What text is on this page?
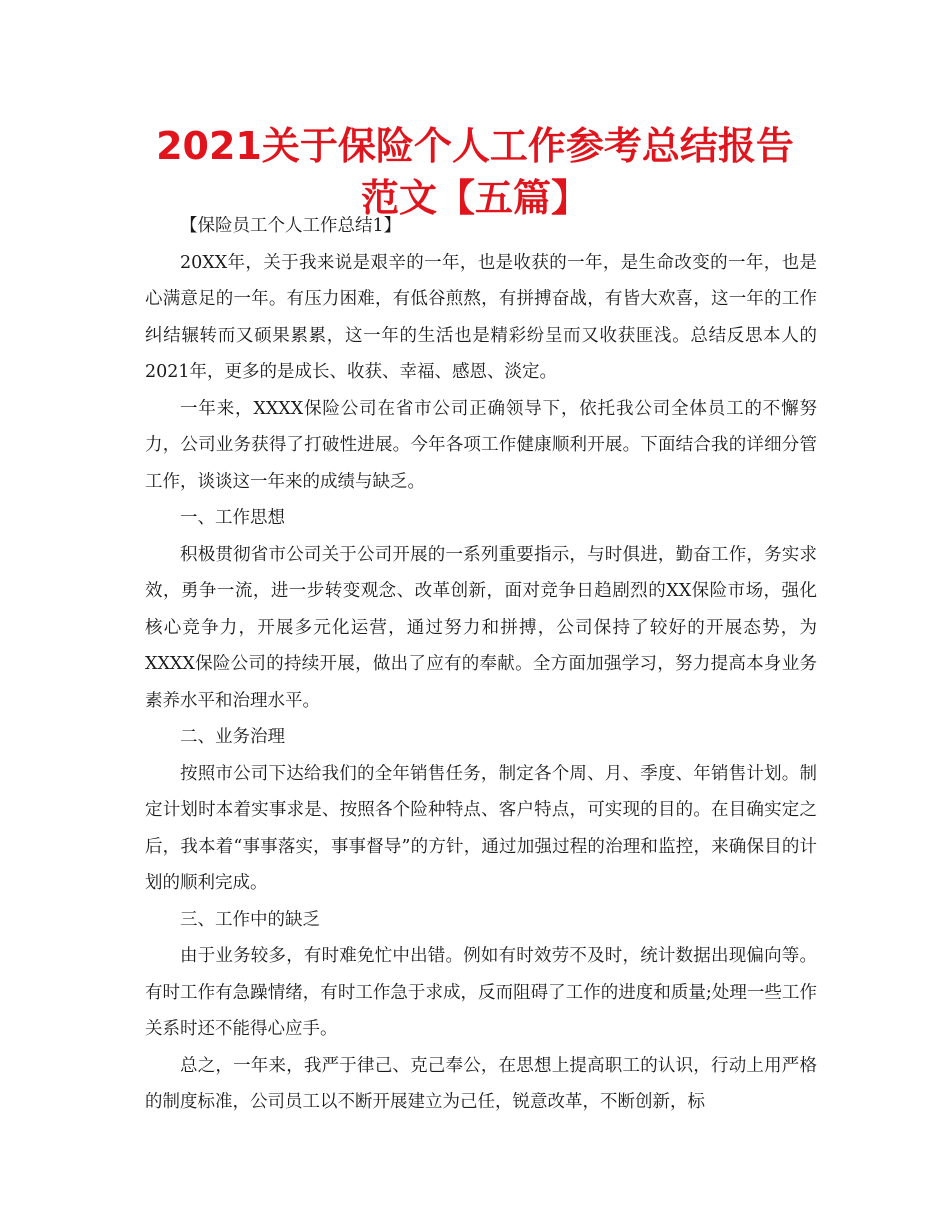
2021关于保险个人工作参考总结报告范文【五篇】

【保险员工个人工作总结1】

20XX年，关于我来说是艰辛的一年，也是收获的一年，是生命改变的一年，也是心满意足的一年。有压力困难，有低谷煎熬，有拼搏奋战，有皆大欢喜，这一年的工作纠结辗转而又硕果累累，这一年的生活也是精彩纷呈而又收获匪浅。总结反思本人的2021年，更多的是成长、收获、幸福、感恩、淡定。

一年来，XXXX保险公司在省市公司正确领导下，依托我公司全体员工的不懈努力，公司业务获得了打破性进展。今年各项工作健康顺利开展。下面结合我的详细分管工作，谈谈这一年来的成绩与缺乏。

一、工作思想

积极贯彻省市公司关于公司开展的一系列重要指示，与时俱进，勤奋工作，务实求效，勇争一流，进一步转变观念、改革创新，面对竞争日趋剧烈的XX保险市场，强化核心竞争力，开展多元化运营，通过努力和拼搏，公司保持了较好的开展态势，为XXXX保险公司的持续开展，做出了应有的奉献。全方面加强学习，努力提高本身业务素养水平和治理水平。

二、业务治理

按照市公司下达给我们的全年销售任务，制定各个周、月、季度、年销售计划。制定计划时本着实事求是、按照各个险种特点、客户特点，可实现的目的。在目确实定之后，我本着“事事落实，事事督导”的方针，通过加强过程的治理和监控，来确保目的计划的顺利完成。

三、工作中的缺乏

由于业务较多，有时难免忙中出错。例如有时效劳不及时，统计数据出现偏向等。有时工作有急躁情绪，有时工作急于求成，反而阻碍了工作的进度和质量;处理一些工作关系时还不能得心应手。

总之，一年来，我严于律己、克己奉公，在思想上提高职工的认识，行动上用严格的制度标准，公司员工以不断开展建立为己任，锐意改革，不断创新，标
